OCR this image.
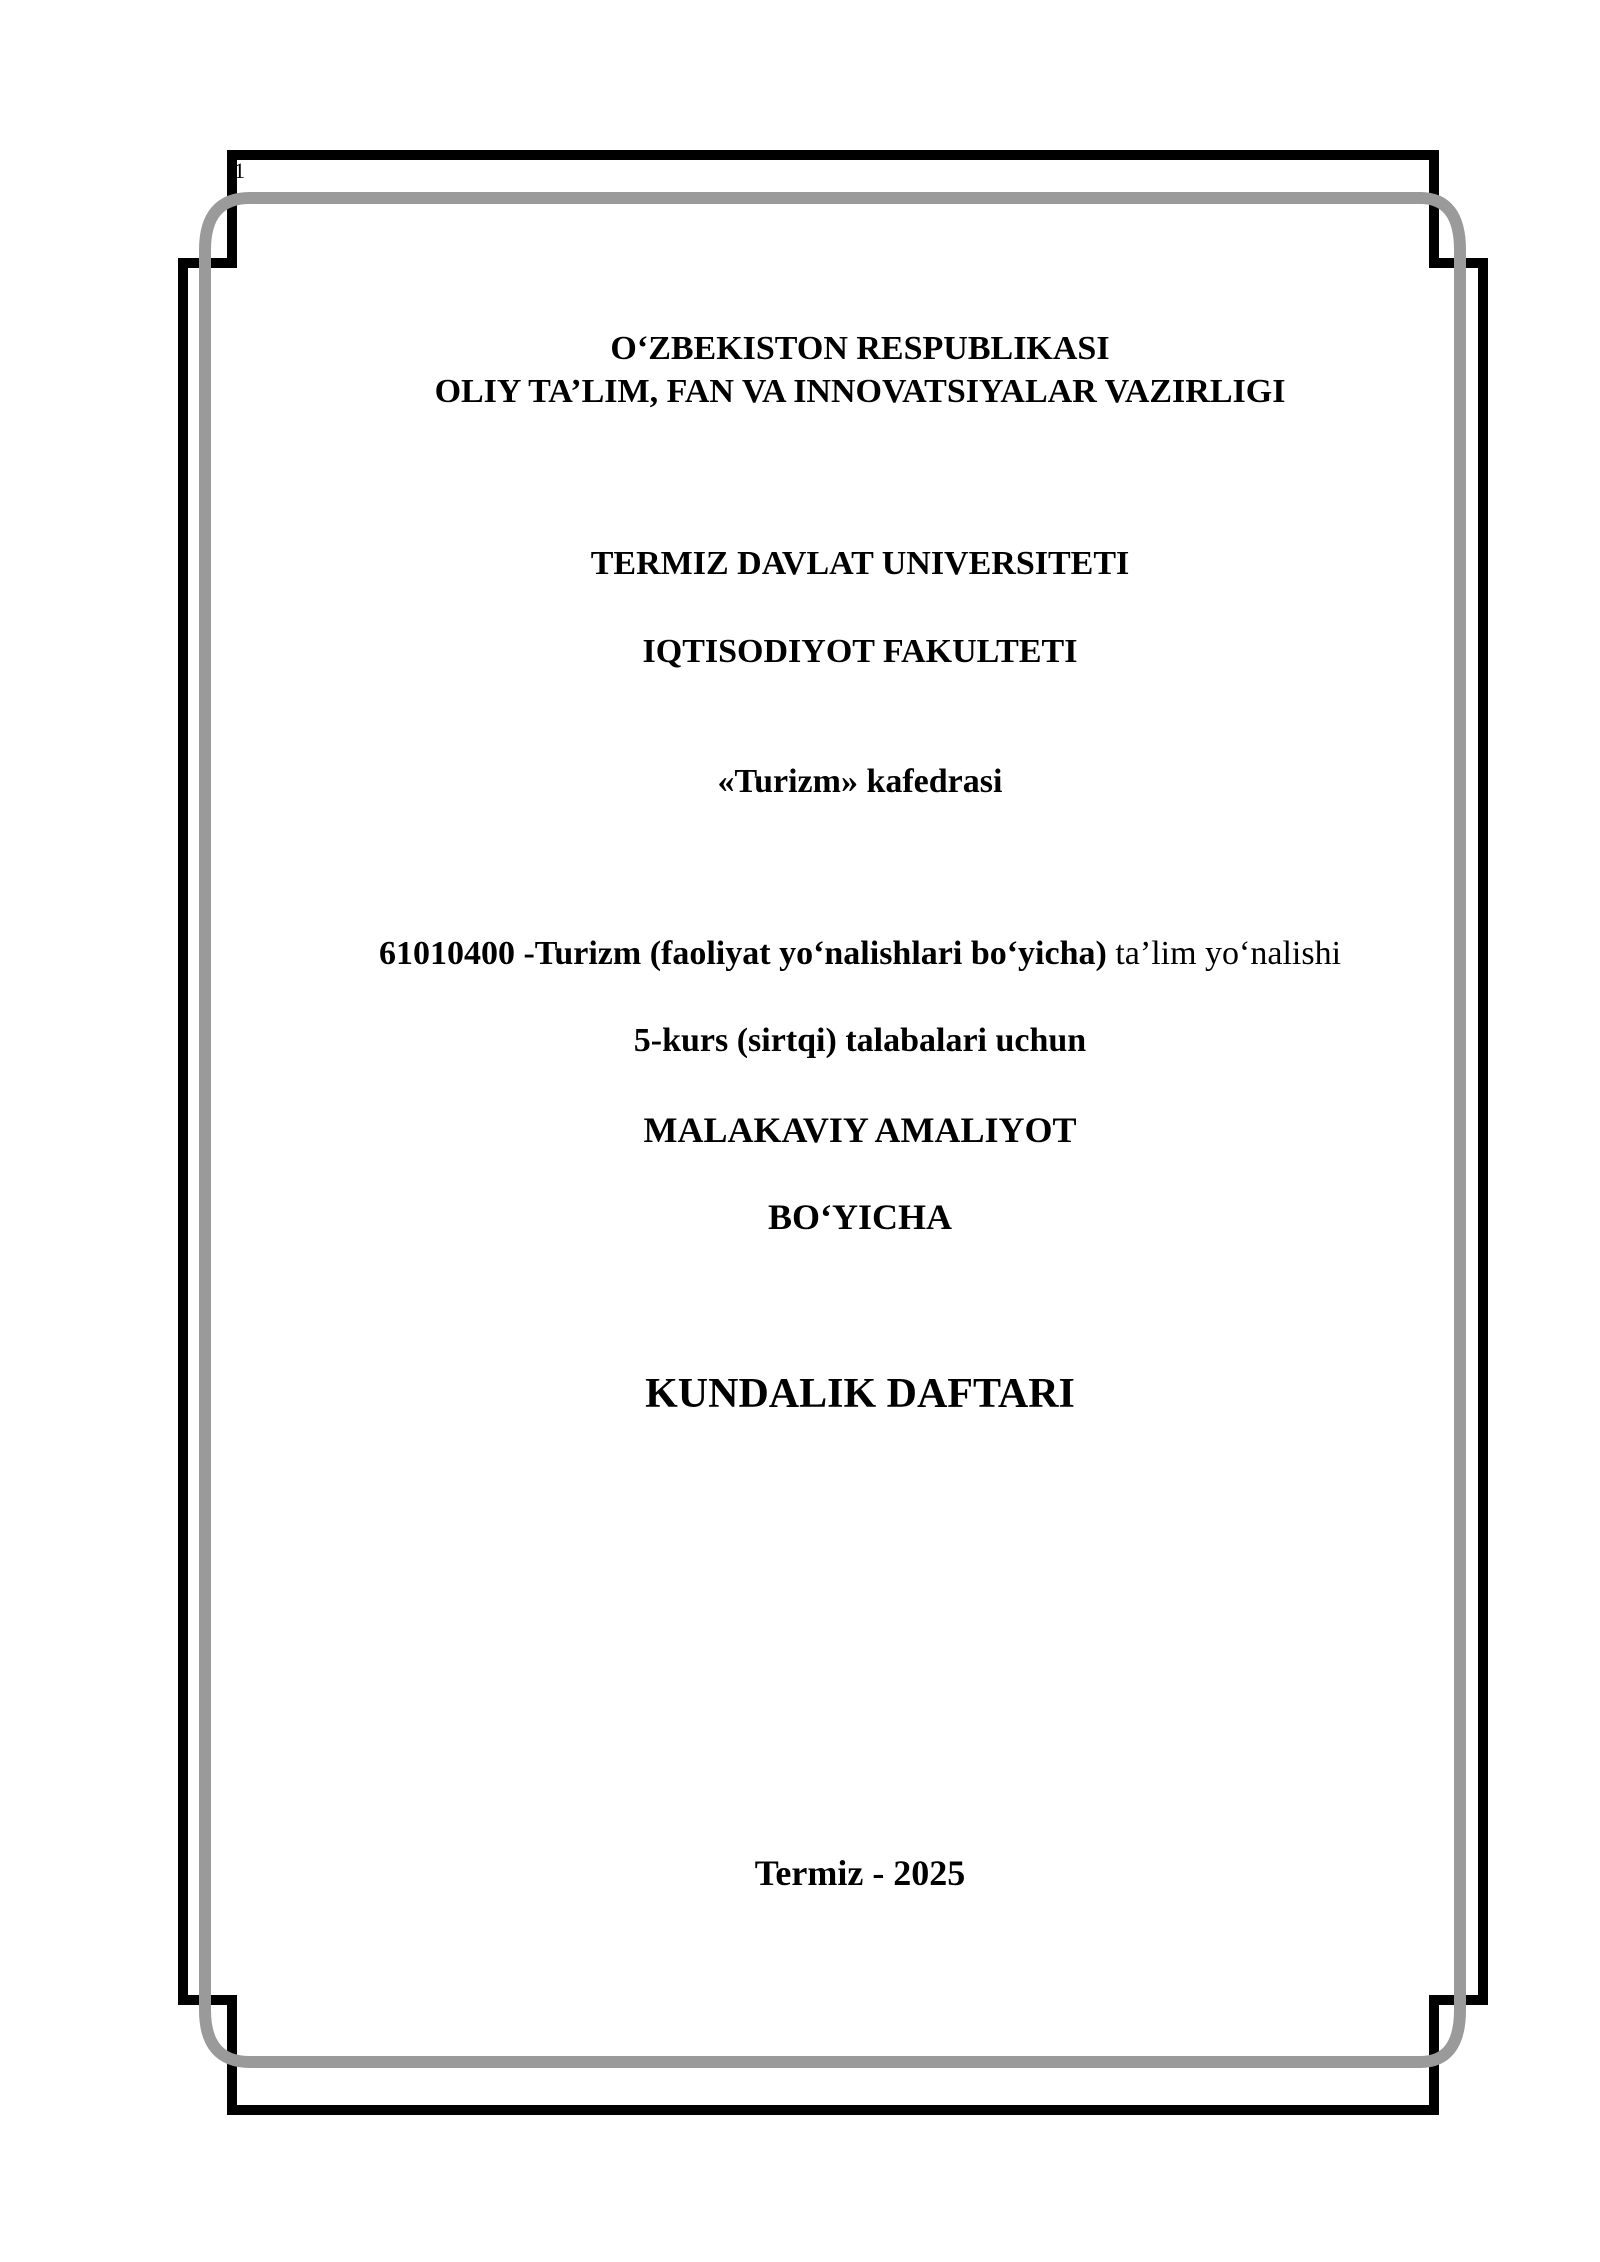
1
O‘ZBEKISTON RESPUBLIKASI
OLIY TA’LIM, FAN VA INNOVATSIYALAR VAZIRLIGI
TERMIZ DAVLAT UNIVERSITETI
IQTISODIYOT FAKULTETI
«Turizm» kafedrasi
61010400 -Turizm (faoliyat yo‘nalishlari bo‘yicha) ta’lim yo‘nalishi
5-kurs (sirtqi) talabalari uchun
MALAKAVIY AMALIYOT
BO‘YICHA
KUNDALIK DAFTARI
Termiz - 2025
